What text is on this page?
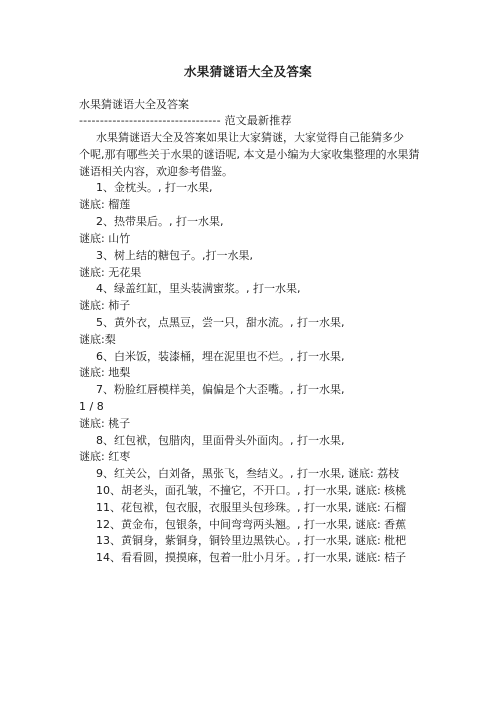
水果猜谜语大全及答案
水果猜谜语大全及答案
---------------------------------- 范文最新推荐
水果猜谜语大全及答案如果让大家猜谜，大家觉得自己能猜多少
个呢,那有哪些关于水果的谜语呢, 本文是小编为大家收集整理的水果猜
谜语相关内容，欢迎参考借鉴。
1、金枕头。, 打一水果,
谜底: 榴莲
2、热带果后。, 打一水果,
谜底: 山竹
3、树上结的糖包子。,打一水果,
谜底: 无花果
4、绿盖红缸，里头装满蜜浆。, 打一水果,
谜底: 柿子
5、黄外衣，点黑豆，尝一只，甜水流。, 打一水果,
谜底:梨
6、白米饭，装漆桶，埋在泥里也不烂。, 打一水果,
谜底: 地梨
7、粉脸红唇模样美，偏偏是个大歪嘴。, 打一水果,
1 / 8
谜底: 桃子
8、红包袱，包腊肉，里面骨头外面肉。, 打一水果,
谜底: 红枣
9、红关公，白刘备，黑张飞，叁结义。, 打一水果, 谜底: 荔枝
10、胡老头，面孔皱，不撞它，不开口。, 打一水果, 谜底: 核桃
11、花包袱，包衣服，衣服里头包珍珠。, 打一水果, 谜底: 石榴
12、黄金布，包银条，中间弯弯两头翘。, 打一水果, 谜底: 香蕉
13、黄铜身，紫铜身，铜铃里边黑铁心。, 打一水果, 谜底: 枇杷
14、看看圆，摸摸麻，包着一肚小月牙。, 打一水果, 谜底: 桔子
